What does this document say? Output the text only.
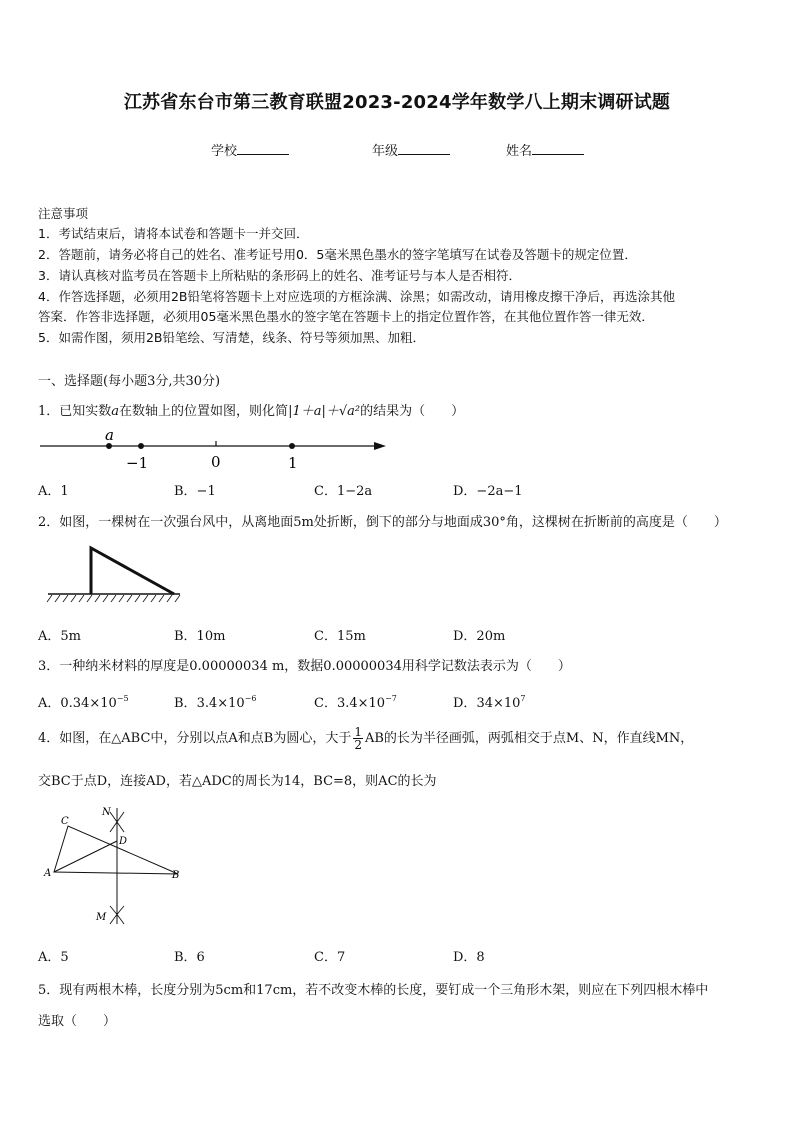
江苏省东台市第三教育联盟2023-2024学年数学八上期末调研试题
学校	年级	姓名
注意事项
1．考试结束后，请将本试卷和答题卡一并交回．
2．答题前，请务必将自己的姓名、准考证号用0．5毫米黑色墨水的签字笔填写在试卷及答题卡的规定位置．
3．请认真核对监考员在答题卡上所粘贴的条形码上的姓名、准考证号与本人是否相符．
4．作答选择题，必须用2B铅笔将答题卡上对应选项的方框涂满、涂黑；如需改动，请用橡皮擦干净后，再选涂其他
答案．作答非选择题，必须用05毫米黑色墨水的签字笔在答题卡上的指定位置作答，在其他位置作答一律无效．
5．如需作图，须用2B铅笔绘、写清楚，线条、符号等须加黑、加粗．
一、选择题(每小题3分,共30分)
1．已知实数a在数轴上的位置如图，则化简|1＋a|＋√a²的结果为（　　）
a
−1	0	1
A．1	B．−1	C．1−2a	D．−2a−1
2．如图，一棵树在一次强台风中，从离地面5m处折断，倒下的部分与地面成30°角，这棵树在折断前的高度是（　　）
A．5m	B．10m	C．15m	D．20m
3．一种纳米材料的厚度是0.00000034 m，数据0.00000034用科学记数法表示为（　　）
A．$0.34\times 10^{-5}$	B．$3.4\times 10^{-6}$	C．$3.4\times 10^{-7}$	D．$34\times 10^7$
4．如图，在△ABC中，分别以点A和点B为圆心，大于 $\frac{1}{2}$ AB的长为半径画弧，两弧相交于点M、N，作直线MN，
交BC于点D，连接AD，若△ADC的周长为14，BC=8，则AC的长为
N
C
D
A	B
M
A．5	B．6	C．7	D．8
5．现有两根木棒，长度分别为5cm和17cm，若不改变木棒的长度，要钉成一个三角形木架，则应在下列四根木棒中
选取（　　）
